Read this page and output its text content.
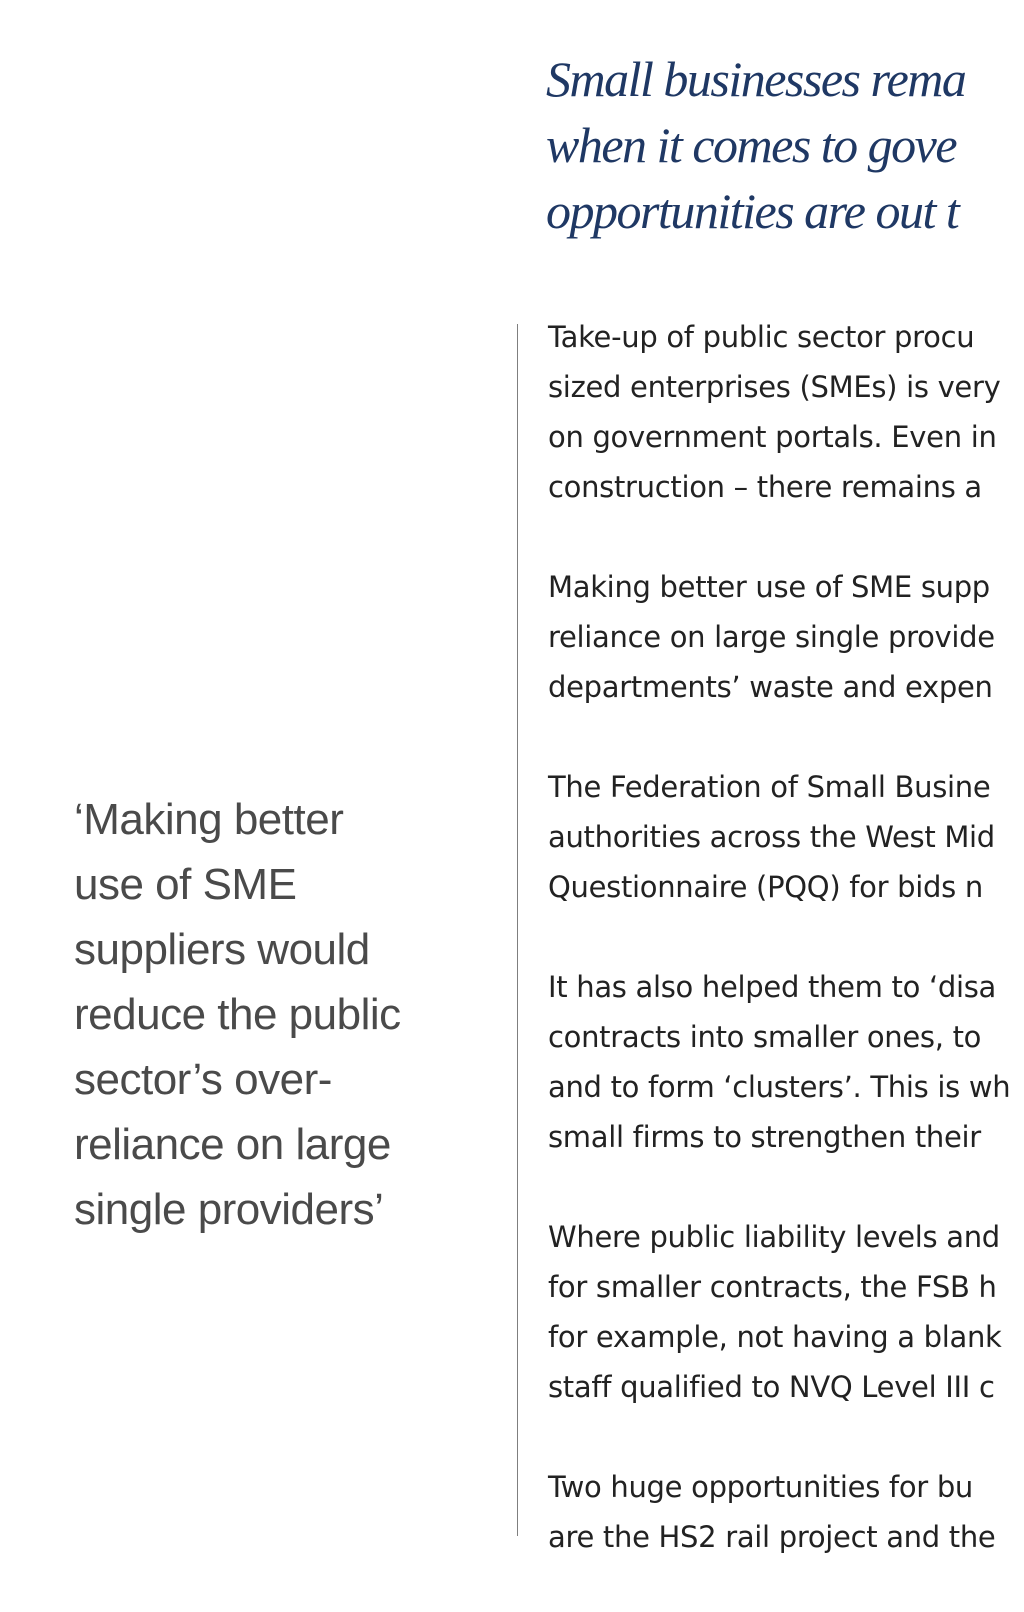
Small businesses rema
when it comes to gove
opportunities are out t
‘Making better
use of SME
suppliers would
reduce the public
sector’s over-
reliance on large
single providers’

Take-up of public sector procu
sized enterprises (SMEs) is very
on government portals. Even in
construction – there remains a

Making better use of SME supp
reliance on large single provide
departments’ waste and expen

The Federation of Small Busine
authorities across the West Mid
Questionnaire (PQQ) for bids n

It has also helped them to ‘disa
contracts into smaller ones, to
and to form ‘clusters’. This is wh
small firms to strengthen their

Where public liability levels and
for smaller contracts, the FSB h
for example, not having a blank
staff qualified to NVQ Level III c

Two huge opportunities for bu
are the HS2 rail project and the
